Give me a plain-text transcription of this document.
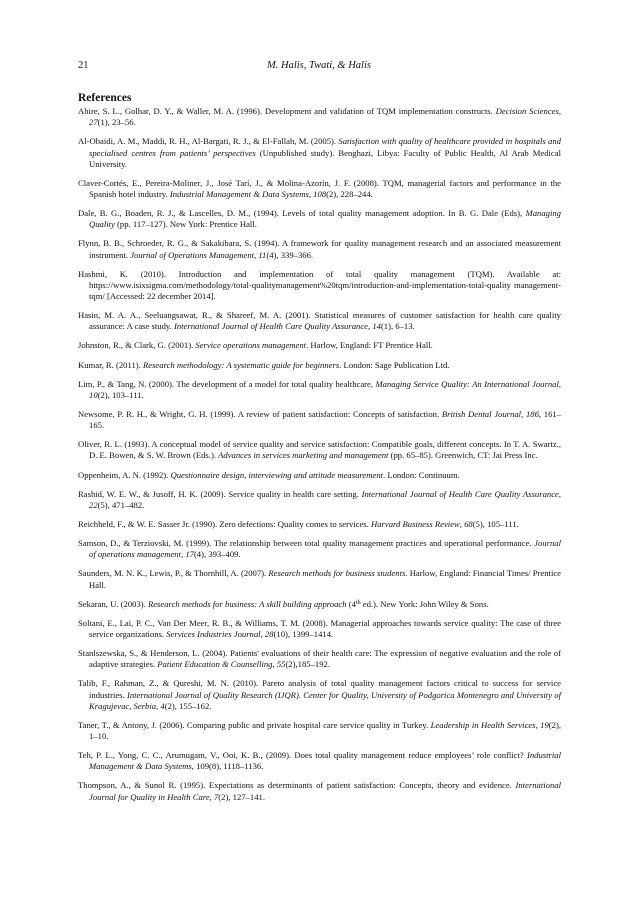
21	M. Halis, Twati, & Halis
References

Ahire, S. L., Golhar, D. Y., & Waller, M. A. (1996). Development and validation of TQM implementation constructs. Decision Sciences, 27(1), 23–56.

Al-Obaidi, A. M., Maddi, R. H., Al-Bargati, R. J., & El-Fallah, M. (2005). Satisfaction with quality of healthcare provided in hospitals and specialised centres from patients’ perspectives (Unpublished study). Benghazi, Libya: Faculty of Public Health, Al Arab Medical University.

Claver-Cortés, E., Pereira-Moliner, J., José Tarí, J., & Molina-Azorín, J. F. (2008). TQM, managerial factors and performance in the Spanish hotel industry. Industrial Management & Data Systems, 108(2), 228–244.

Dale, B. G., Boaden, R. J., & Lascelles, D. M., (1994). Levels of total quality management adoption. In B. G. Dale (Eds), Managing Quality (pp. 117–127). New York: Prentice Hall.

Flynn, B. B., Schroeder, R. G., & Sakakibara, S. (1994). A framework for quality management research and an associated measurement instrument. Journal of Operations Management, 11(4), 339–366.

Hashmi, K. (2010). Introduction and implementation of total quality management (TQM). Available at: https://www.isixsigma.com/methodology/total-qualitymanagement%20tqm/introduction-and-implementation-total-quality management-tqm/ [Accessed: 22 december 2014].

Hasin, M. A. A., Seeluangsawat, R., & Shareef, M. A. (2001). Statistical measures of customer satisfaction for health care quality assurance: A case study. International Journal of Health Care Quality Assurance, 14(1), 6–13.

Johnston, R., & Clark, G. (2001). Service operations management. Harlow, England: FT Prentice Hall.

Kumar, R. (2011). Research methodology: A systematic guide for beginners. London: Sage Publication Ltd.

Lim, P., & Tang, N. (2000). The development of a model for total quality healthcare, Managing Service Quality: An International Journal, 10(2), 103–111.

Newsome, P. R. H., & Wright, G. H. (1999). A review of patient satisfaction: Concepts of satisfaction. British Dental Journal, 186, 161–165.

Oliver, R. L. (1993). A conceptual model of service quality and service satisfaction: Compatible goals, different concepts. In T. A. Swartz., D. E. Bowen, & S. W. Brown (Eds.). Advances in services marketing and management (pp. 65–85). Greenwich, CT: Jai Press Inc.

Oppenheim, A. N. (1992). Questionnaire design, interviewing and attitude measurement. London: Continuum.

Rashid, W. E. W., & Jusoff, H. K. (2009). Service quality in health care setting. International Journal of Health Care Quality Assurance, 22(5), 471–482.

Reichheld, F., & W. E. Sasser Jr. (1990). Zero defections: Quality comes to services. Harvard Business Review, 68(5), 105–111.

Samson, D., & Terziovski, M. (1999). The relationship between total quality management practices and operational performance. Journal of operations management, 17(4), 393–409.

Saunders, M. N. K., Lewis, P., & Thornhill, A. (2007). Research methods for business students. Harlow, England: Financial Times/ Prentice Hall.

Sekaran, U. (2003). Research methods for business: A skill building approach (4th ed.). New York: John Wiley & Sons.

Soltani, E., Lai, P. C., Van Der Meer, R. B., & Williams, T. M. (2008). Managerial approaches towards service quality: The case of three service organizations. Services Industries Journal, 28(10), 1399–1414.

Stanlszewska, S., & Henderson, L. (2004). Patients' evaluations of their health care: The expression of negative evaluation and the role of adaptive strategies. Patient Education & Counselling, 55(2),185–192.

Talib, F., Rahman, Z., & Qureshi, M. N. (2010). Pareto analysis of total quality management factors critical to success for service industries. International Journal of Quality Research (IJQR). Center for Quality, University of Podgorica Montenegro and University of Kragujevac, Serbia, 4(2), 155–162.

Taner, T., & Antony, J. (2006). Comparing public and private hospital care service quality in Turkey. Leadership in Health Services, 19(2), 1–10.

Teh, P. L., Yong, C. C., Arumugam, V., Ooi, K. B., (2009). Does total quality management reduce employees’ role conflict? Industrial Management & Data Systems, 109(8), 1118–1136.

Thompson, A., & Sunol R. (1995). Expectations as determinants of patient satisfaction: Concepts, theory and evidence. International Journal for Quality in Health Care, 7(2), 127–141.
